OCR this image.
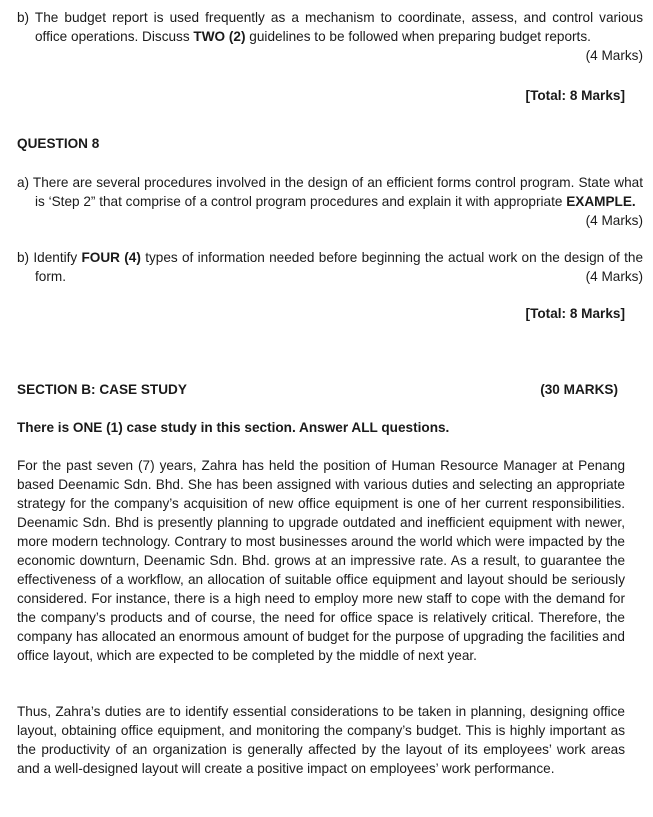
b) The budget report is used frequently as a mechanism to coordinate, assess, and control various office operations. Discuss TWO (2) guidelines to be followed when preparing budget reports.

(4 Marks)
[Total: 8 Marks]
QUESTION 8
a) There are several procedures involved in the design of an efficient forms control program. State what is ‘Step 2” that comprise of a control program procedures and explain it with appropriate EXAMPLE.
(4 Marks)
b) Identify FOUR (4) types of information needed before beginning the actual work on the design of the form.	(4 Marks)
[Total: 8 Marks]
SECTION B: CASE STUDY	(30 MARKS)
There is ONE (1) case study in this section. Answer ALL questions.

For the past seven (7) years, Zahra has held the position of Human Resource Manager at Penang based Deenamic Sdn. Bhd. She has been assigned with various duties and selecting an appropriate strategy for the company’s acquisition of new office equipment is one of her current responsibilities. Deenamic Sdn. Bhd is presently planning to upgrade outdated and inefficient equipment with newer, more modern technology. Contrary to most businesses around the world which were impacted by the economic downturn, Deenamic Sdn. Bhd. grows at an impressive rate. As a result, to guarantee the effectiveness of a workflow, an allocation of suitable office equipment and layout should be seriously considered. For instance, there is a high need to employ more new staff to cope with the demand for the company’s products and of course, the need for office space is relatively critical. Therefore, the company has allocated an enormous amount of budget for the purpose of upgrading the facilities and office layout, which are expected to be completed by the middle of next year.

Thus, Zahra’s duties are to identify essential considerations to be taken in planning, designing office layout, obtaining office equipment, and monitoring the company’s budget. This is highly important as the productivity of an organization is generally affected by the layout of its employees’ work areas and a well-designed layout will create a positive impact on employees’ work performance.
